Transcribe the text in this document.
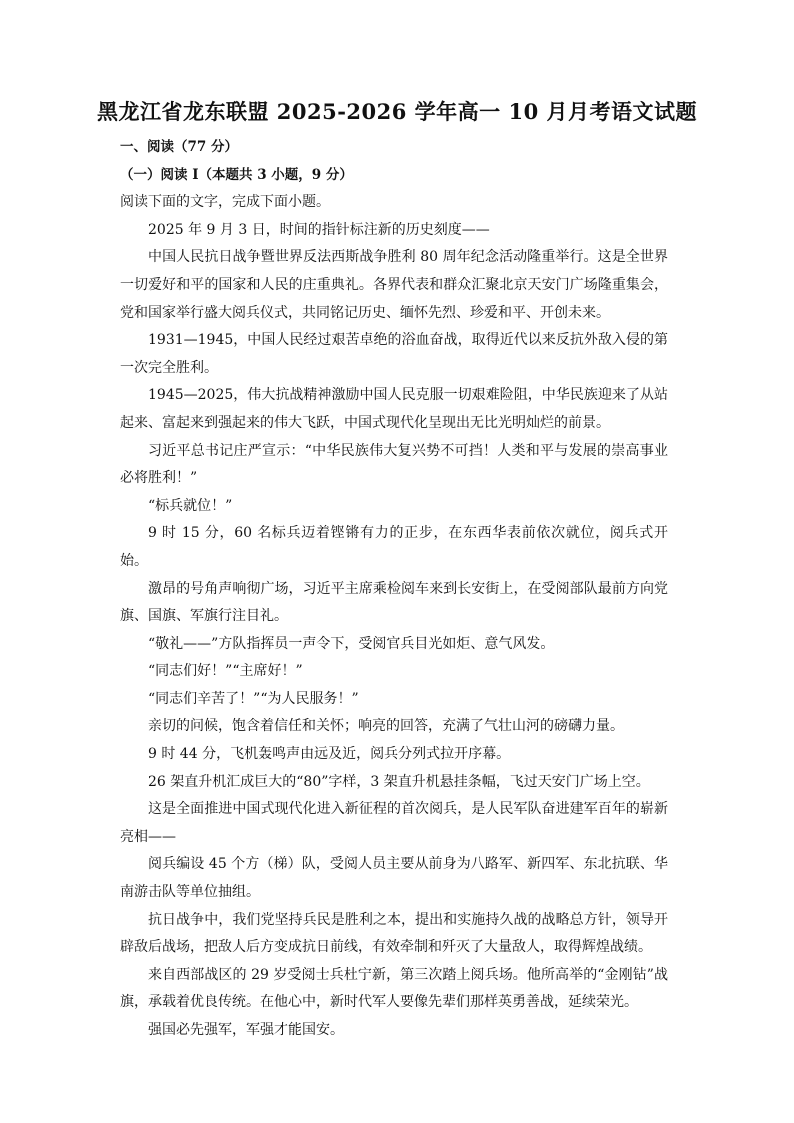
黑龙江省龙东联盟 2025-2026 学年高一 10 月月考语文试题

一、阅读（77 分）

（一）阅读 I（本题共 3 小题，9 分）

阅读下面的文字，完成下面小题。

2025 年 9 月 3 日，时间的指针标注新的历史刻度——

中国人民抗日战争暨世界反法西斯战争胜利 80 周年纪念活动隆重举行。这是全世界一切爱好和平的国家和人民的庄重典礼。各界代表和群众汇聚北京天安门广场隆重集会，党和国家举行盛大阅兵仪式，共同铭记历史、缅怀先烈、珍爱和平、开创未来。

1931—1945，中国人民经过艰苦卓绝的浴血奋战，取得近代以来反抗外敌入侵的第一次完全胜利。

1945—2025，伟大抗战精神激励中国人民克服一切艰难险阻，中华民族迎来了从站起来、富起来到强起来的伟大飞跃，中国式现代化呈现出无比光明灿烂的前景。

习近平总书记庄严宣示：“中华民族伟大复兴势不可挡！人类和平与发展的崇高事业必将胜利！”

“标兵就位！”

9 时 15 分，60 名标兵迈着铿锵有力的正步，在东西华表前依次就位，阅兵式开始。

激昂的号角声响彻广场，习近平主席乘检阅车来到长安街上，在受阅部队最前方向党旗、国旗、军旗行注目礼。

“敬礼——”方队指挥员一声令下，受阅官兵目光如炬、意气风发。

“同志们好！”“主席好！”

“同志们辛苦了！”“为人民服务！”

亲切的问候，饱含着信任和关怀；响亮的回答，充满了气壮山河的磅礴力量。

9 时 44 分，飞机轰鸣声由远及近，阅兵分列式拉开序幕。

26 架直升机汇成巨大的“80”字样，3 架直升机悬挂条幅，飞过天安门广场上空。

这是全面推进中国式现代化进入新征程的首次阅兵，是人民军队奋进建军百年的崭新亮相——

阅兵编设 45 个方（梯）队，受阅人员主要从前身为八路军、新四军、东北抗联、华南游击队等单位抽组。

抗日战争中，我们党坚持兵民是胜利之本，提出和实施持久战的战略总方针，领导开辟敌后战场，把敌人后方变成抗日前线，有效牵制和歼灭了大量敌人，取得辉煌战绩。

来自西部战区的 29 岁受阅士兵杜宁新，第三次踏上阅兵场。他所高举的“金刚钻”战旗，承载着优良传统。在他心中，新时代军人要像先辈们那样英勇善战，延续荣光。

强国必先强军，军强才能国安。
